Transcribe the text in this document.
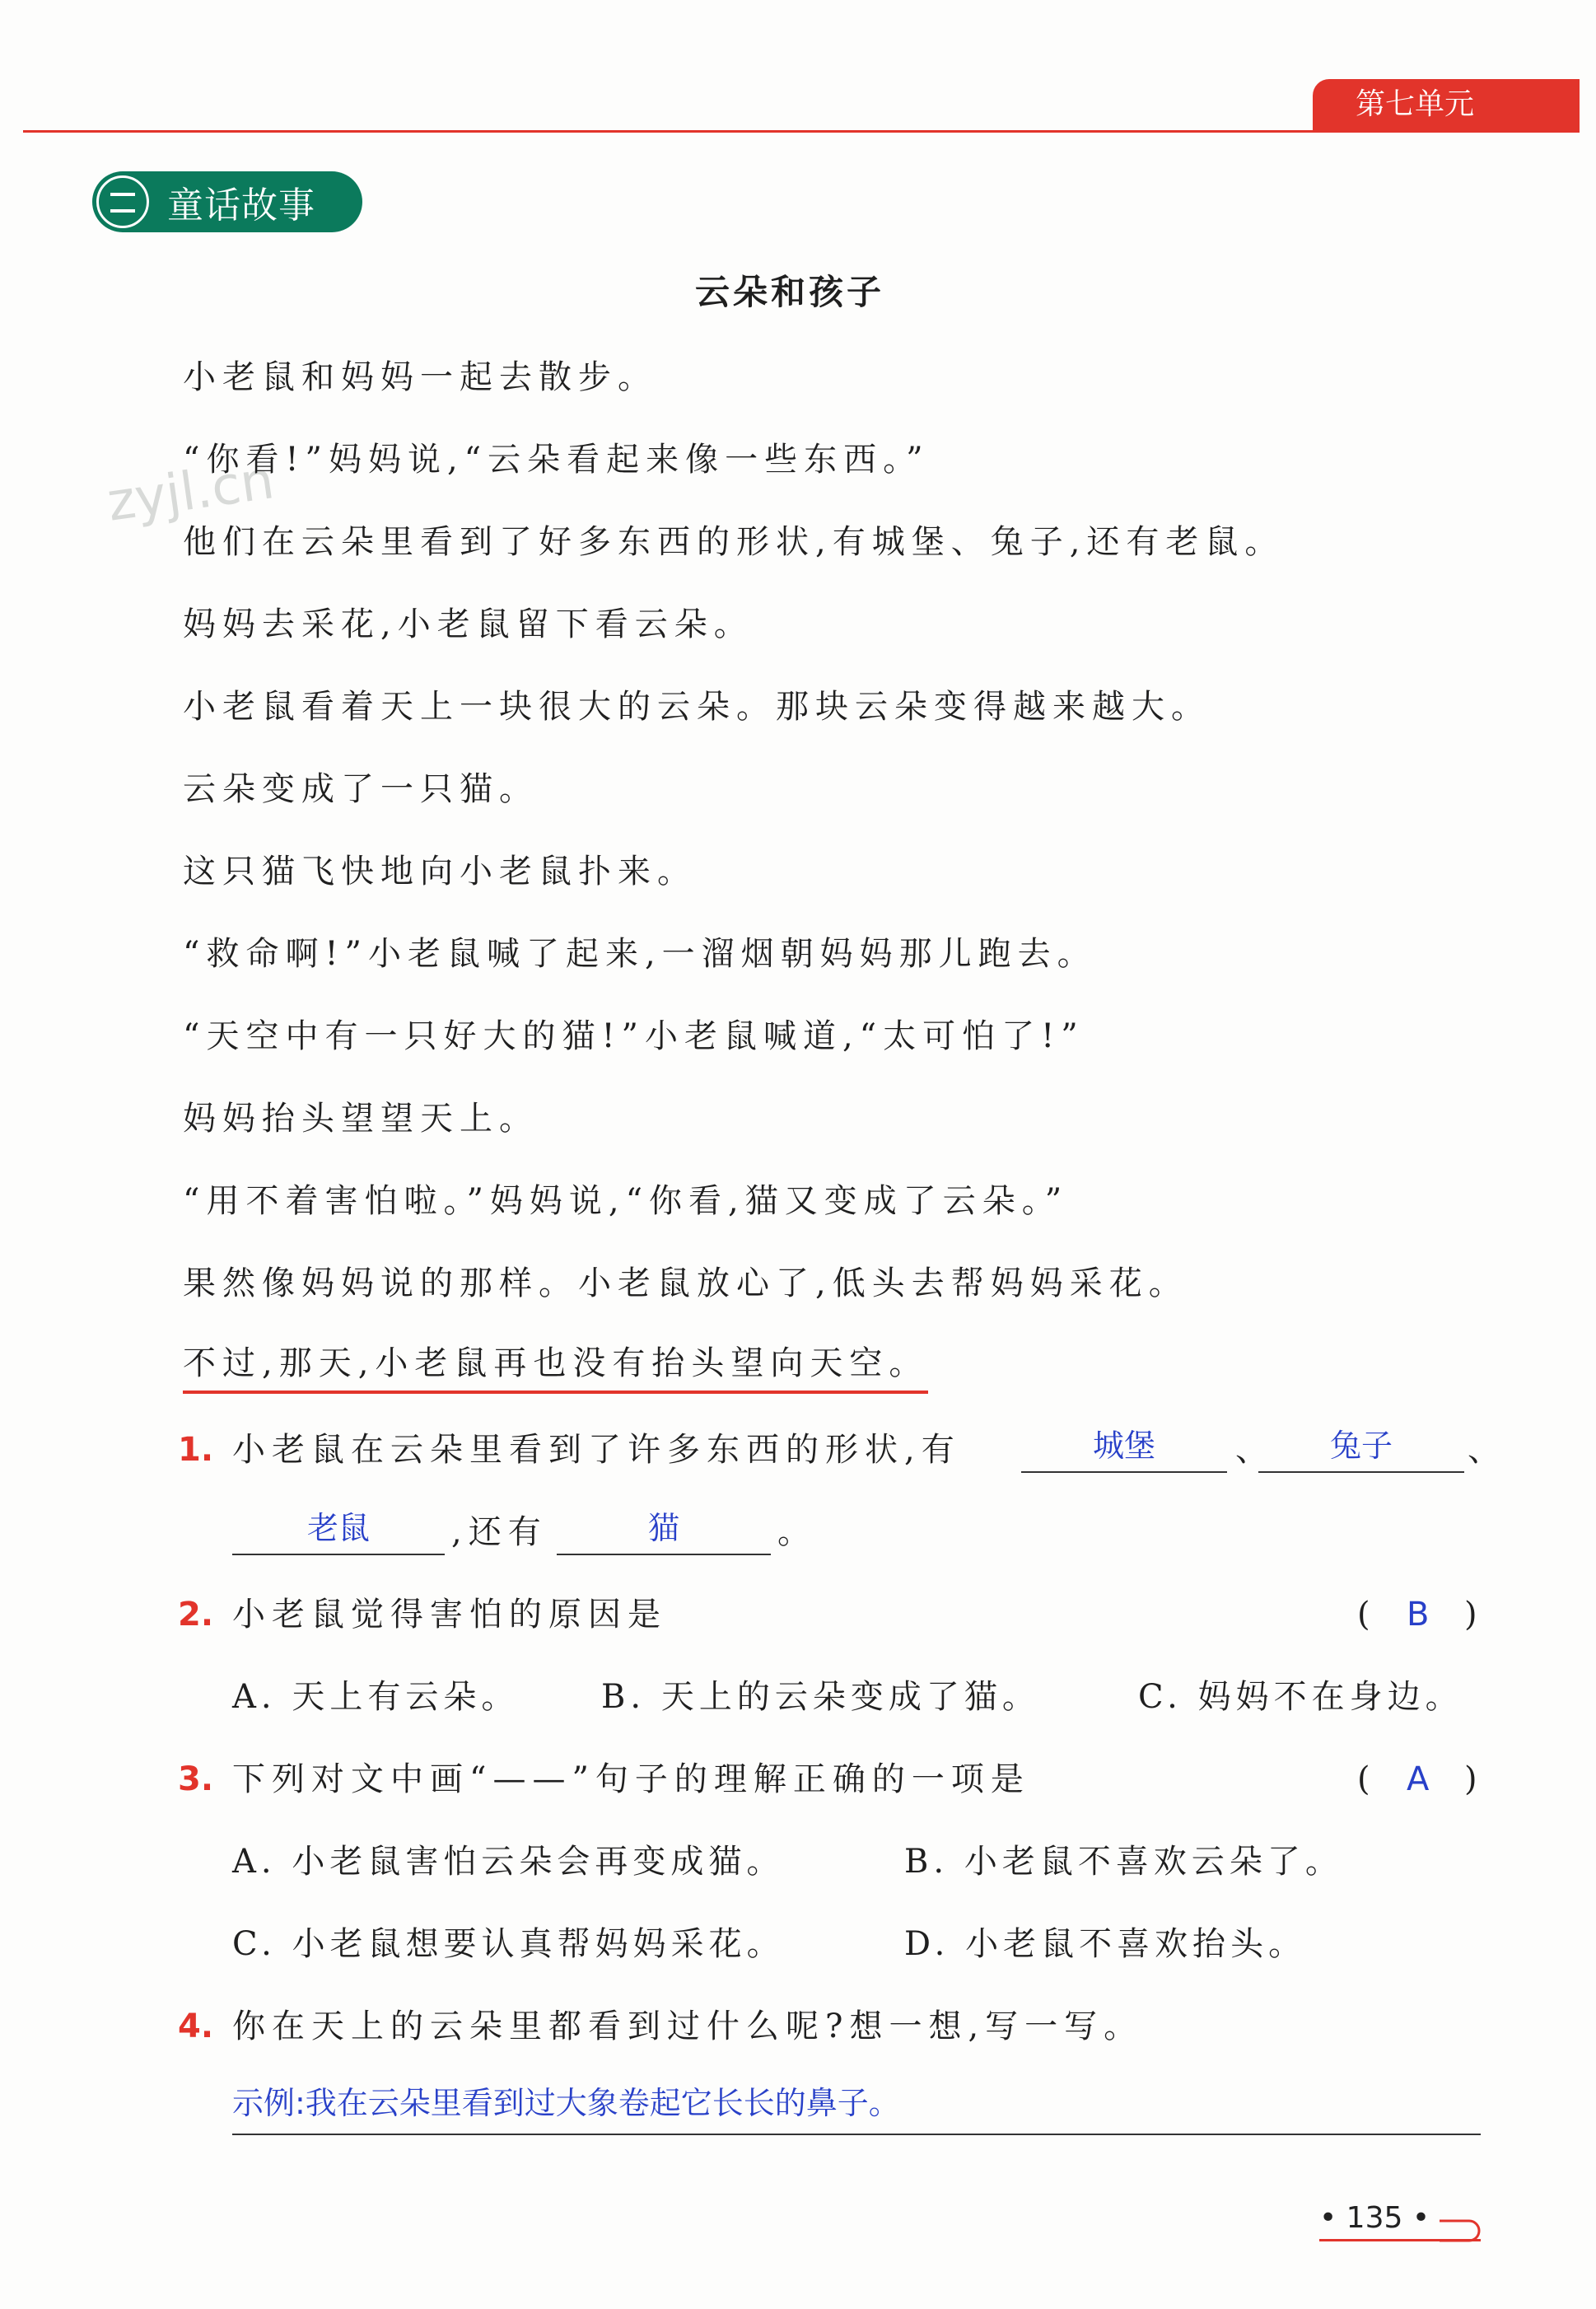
第七单元
童话故事
zyjl.cn
云朵和孩子
小老鼠和妈妈一起去散步。
“你看!”妈妈说,“云朵看起来像一些东西。”
他们在云朵里看到了好多东西的形状,有城堡、兔子,还有老鼠。
妈妈去采花,小老鼠留下看云朵。
小老鼠看着天上一块很大的云朵。那块云朵变得越来越大。
云朵变成了一只猫。
这只猫飞快地向小老鼠扑来。
“救命啊!”小老鼠喊了起来,一溜烟朝妈妈那儿跑去。
“天空中有一只好大的猫!”小老鼠喊道,“太可怕了!”
妈妈抬头望望天上。
“用不着害怕啦。”妈妈说,“你看,猫又变成了云朵。”
果然像妈妈说的那样。小老鼠放心了,低头去帮妈妈采花。
不过,那天,小老鼠再也没有抬头望向天空。
1. 小老鼠在云朵里看到了许多东西的形状,有	城堡	、	兔子	、
老鼠	,还有	猫	。
2. 小老鼠觉得害怕的原因是	( B )
A. 天上有云朵。 B. 天上的云朵变成了猫。	C. 妈妈不在身边。
3. 下列对文中画“——”句子的理解正确的一项是	( A )
A. 小老鼠害怕云朵会再变成猫。	B. 小老鼠不喜欢云朵了。
C. 小老鼠想要认真帮妈妈采花。	D. 小老鼠不喜欢抬头。
4. 你在天上的云朵里都看到过什么呢?想一想,写一写。
示例:我在云朵里看到过大象卷起它长长的鼻子。
• 135 •
